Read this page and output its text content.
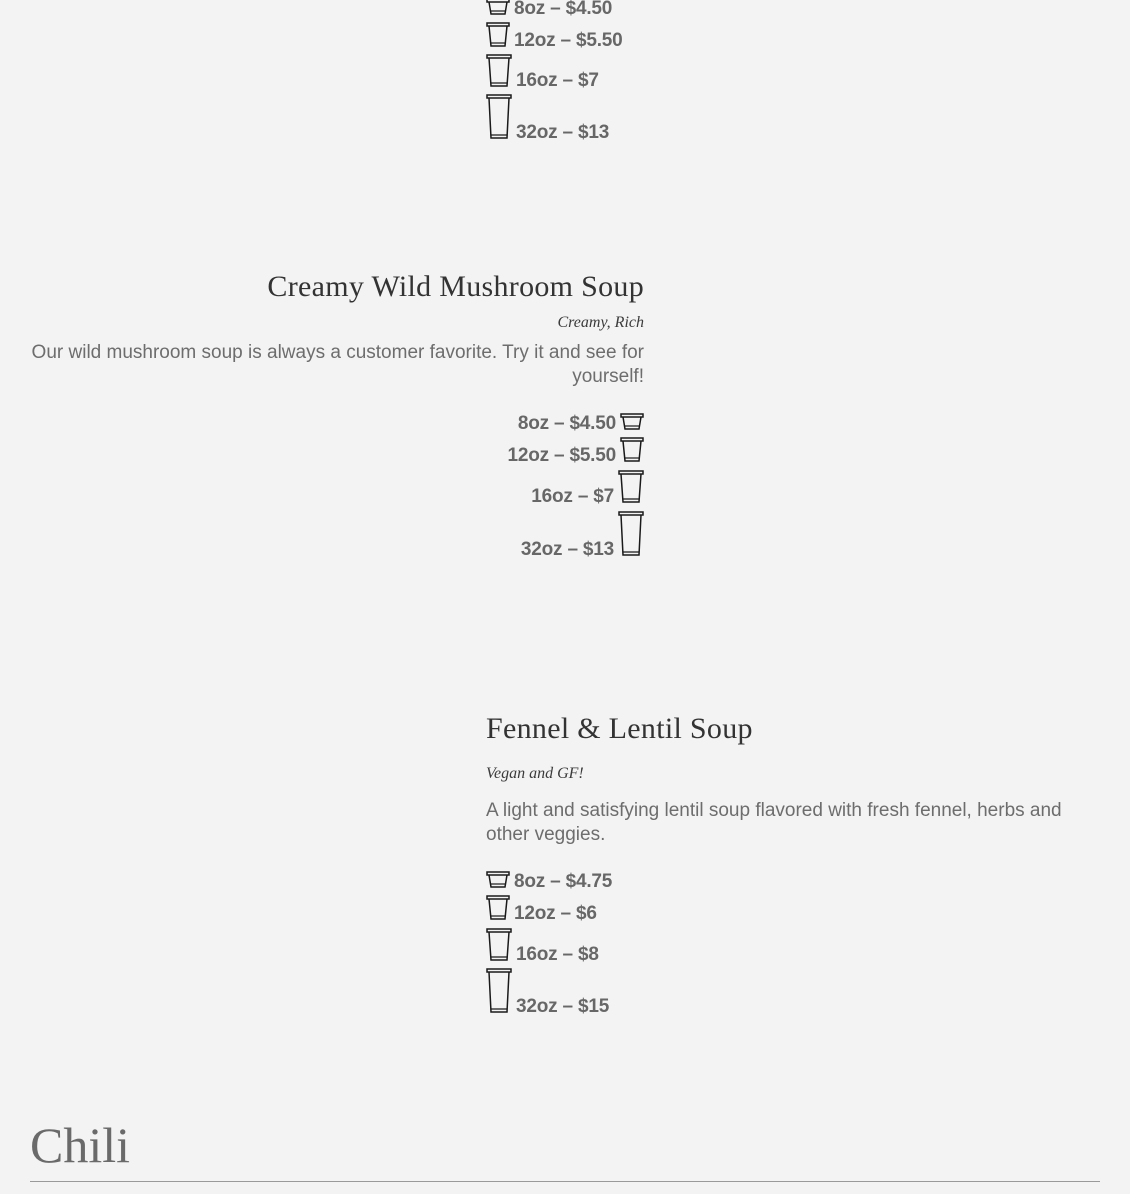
8oz – $4.50
12oz – $5.50
16oz – $7
32oz – $13
Creamy Wild Mushroom Soup
Creamy, Rich
Our wild mushroom soup is always a customer favorite. Try it and see for yourself!
8oz – $4.50
12oz – $5.50
16oz – $7
32oz – $13
Fennel & Lentil Soup
Vegan and GF!
A light and satisfying lentil soup flavored with fresh fennel, herbs and other veggies.
8oz – $4.75
12oz – $6
16oz – $8
32oz – $15
Chili
